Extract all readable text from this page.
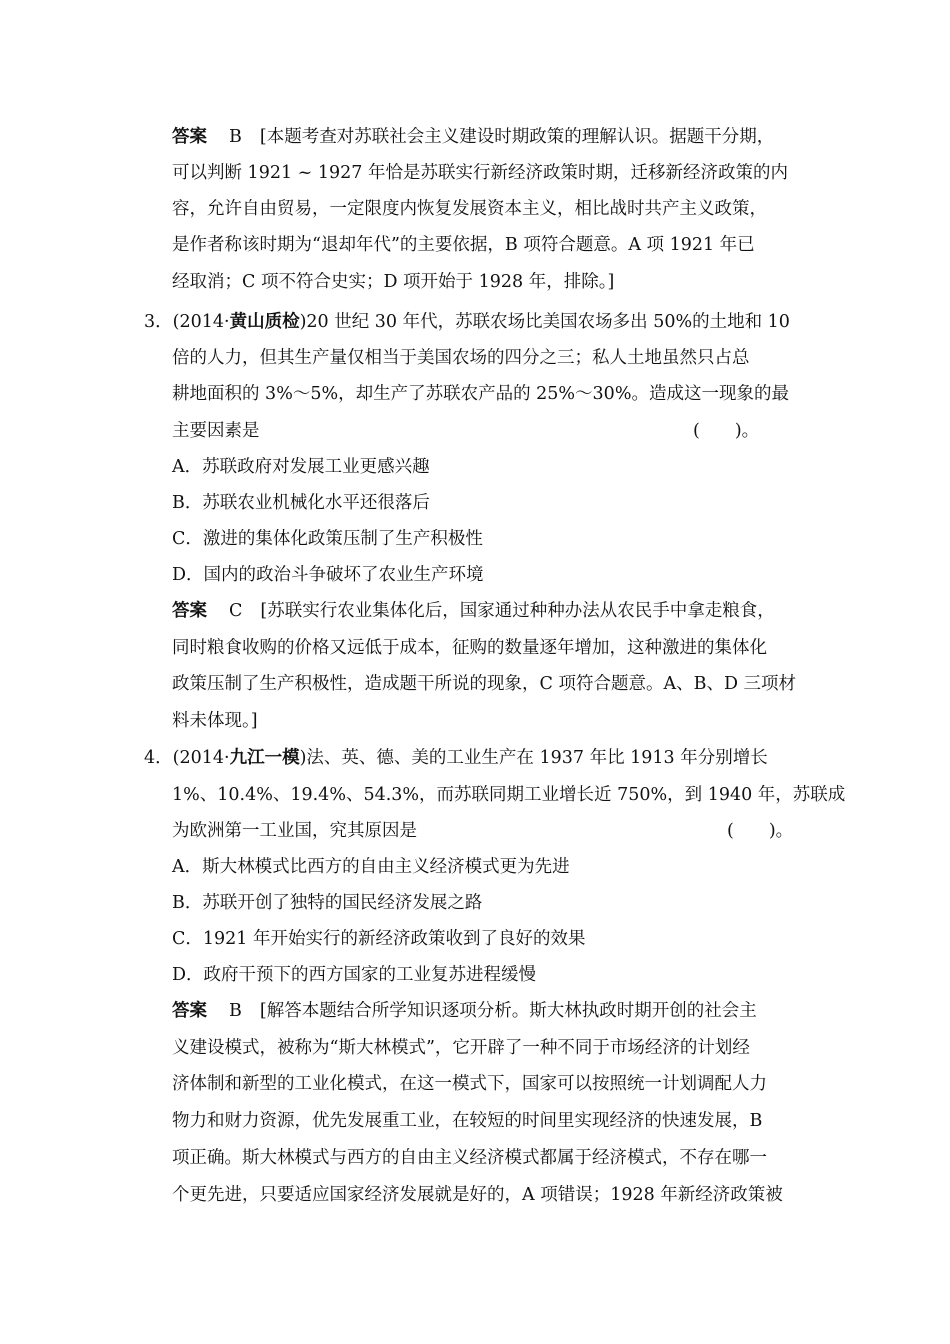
答案 B [本题考查对苏联社会主义建设时期政策的理解认识。据题干分期，
可以判断 1921 ~ 1927 年恰是苏联实行新经济政策时期，迁移新经济政策的内
容，允许自由贸易，一定限度内恢复发展资本主义，相比战时共产主义政策，
是作者称该时期为“退却年代”的主要依据，B 项符合题意。A 项 1921 年已
经取消；C 项不符合史实；D 项开始于 1928 年，排除。]
3．(2014·黄山质检)20 世纪 30 年代，苏联农场比美国农场多出 50%的土地和 10
倍的人力，但其生产量仅相当于美国农场的四分之三；私人土地虽然只占总
耕地面积的 3%～5%，却生产了苏联农产品的 25%～30%。造成这一现象的最
主要因素是	(　　)。
A．苏联政府对发展工业更感兴趣
B．苏联农业机械化水平还很落后
C．激进的集体化政策压制了生产积极性
D．国内的政治斗争破坏了农业生产环境
答案 C [苏联实行农业集体化后，国家通过种种办法从农民手中拿走粮食，
同时粮食收购的价格又远低于成本，征购的数量逐年增加，这种激进的集体化
政策压制了生产积极性，造成题干所说的现象，C 项符合题意。A、B、D 三项材
料未体现。]
4．(2014·九江一模)法、英、德、美的工业生产在 1937 年比 1913 年分别增长
1%、10.4%、19.4%、54.3%，而苏联同期工业增长近 750%，到 1940 年，苏联成
为欧洲第一工业国，究其原因是	(　　)。
A．斯大林模式比西方的自由主义经济模式更为先进
B．苏联开创了独特的国民经济发展之路
C．1921 年开始实行的新经济政策收到了良好的效果
D．政府干预下的西方国家的工业复苏进程缓慢
答案 B [解答本题结合所学知识逐项分析。斯大林执政时期开创的社会主
义建设模式，被称为“斯大林模式”，它开辟了一种不同于市场经济的计划经
济体制和新型的工业化模式，在这一模式下，国家可以按照统一计划调配人力
物力和财力资源，优先发展重工业，在较短的时间里实现经济的快速发展，B
项正确。斯大林模式与西方的自由主义经济模式都属于经济模式，不存在哪一
个更先进，只要适应国家经济发展就是好的，A 项错误；1928 年新经济政策被
